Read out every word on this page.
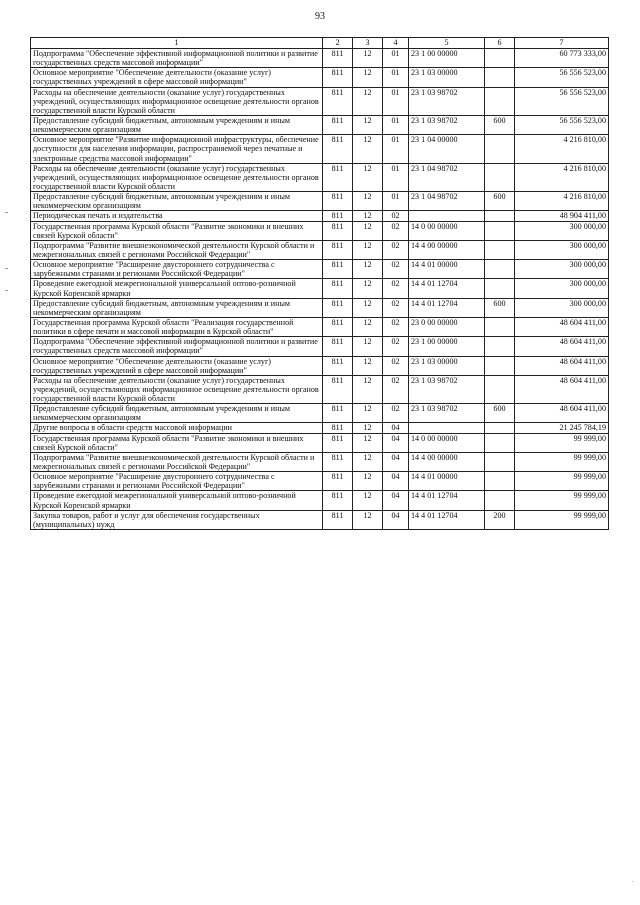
93
·
1	2	3	4	5	6	7
Подпрограмма "Обеспечение эффективной информационной политики и развитие государственных средств массовой информации"	811	12	01	23 1 00 00000		60 773 333,00
Основное мероприятие "Обеспечение деятельности (оказание услуг) государственных учреждений в сфере массовой информации"	811	12	01	23 1 03 00000		56 556 523,00
Расходы на обеспечение деятельности (оказание услуг) государственных учреждений, осуществляющих информационное освещение деятельности органов государственной власти Курской области	811	12	01	23 1 03 98702		56 556 523,00
Предоставление субсидий бюджетным, автономным учреждениям и иным некоммерческим организациям	811	12	01	23 1 03 98702	600	56 556 523,00
Основное мероприятие "Развитие информационной инфраструктуры, обеспечение доступности для населения информации, распространяемой через печатные и электронные средства массовой информации"	811	12	01	23 1 04 00000		4 216 810,00
Расходы на обеспечение деятельности (оказание услуг) государственных учреждений, осуществляющих информационное освещение деятельности органов государственной власти Курской области	811	12	01	23 1 04 98702		4 216 810,00
Предоставление субсидий бюджетным, автономным учреждениям и иным некоммерческим организациям	811	12	01	23 1 04 98702	600	4 216 810,00
Периодическая печать и издательства	811	12	02			48 904 411,00
Государственная программа Курской области "Развитие экономики и внешних связей Курской области"	811	12	02	14 0 00 00000		300 000,00
Подпрограмма "Развитие внешнеэкономической деятельности Курской области и межрегиональных связей с регионами Российской Федерации"	811	12	02	14 4 00 00000		300 000,00
Основное мероприятие "Расширение двустороннего сотрудничества с зарубежными странами и регионами Российской Федерации"	811	12	02	14 4 01 00000		300 000,00
Проведение ежегодной межрегиональной универсальной оптово-розничной Курской Коренской ярмарки	811	12	02	14 4 01 12704		300 000,00
Предоставление субсидий бюджетным, автономным учреждениям и иным некоммерческим организациям	811	12	02	14 4 01 12704	600	300 000,00
Государственная программа Курской области "Реализация государственной политики в сфере печати и массовой информации в Курской области"	811	12	02	23 0 00 00000		48 604 411,00
Подпрограмма "Обеспечение эффективной информационной политики и развитие государственных средств массовой информации"	811	12	02	23 1 00 00000		48 604 411,00
Основное мероприятие "Обеспечение деятельности (оказание услуг) государственных учреждений в сфере массовой информации"	811	12	02	23 1 03 00000		48 604 411,00
Расходы на обеспечение деятельности (оказание услуг) государственных учреждений, осуществляющих информационное освещение деятельности органов государственной власти Курской области	811	12	02	23 1 03 98702		48 604 411,00
Предоставление субсидий бюджетным, автономным учреждениям и иным некоммерческим организациям	811	12	02	23 1 03 98702	600	48 604 411,00
Другие вопросы в области средств массовой информации	811	12	04			21 245 784,19
Государственная программа Курской области "Развитие экономики и внешних связей Курской области"	811	12	04	14 0 00 00000		99 999,00
Подпрограмма "Развитие внешнеэкономической деятельности Курской области и межрегиональных связей с регионами Российской Федерации"	811	12	04	14 4 00 00000		99 999,00
Основное мероприятие "Расширение двустороннего сотрудничества с зарубежными странами и регионами Российской Федерации"	811	12	04	14 4 01 00000		99 999,00
Проведение ежегодной межрегиональной универсальной оптово-розничной Курской Коренской ярмарки	811	12	04	14 4 01 12704		99 999,00
Закупка товаров, работ и услуг для обеспечения государственных (муниципальных) нужд	811	12	04	14 4 01 12704	200	99 999,00
